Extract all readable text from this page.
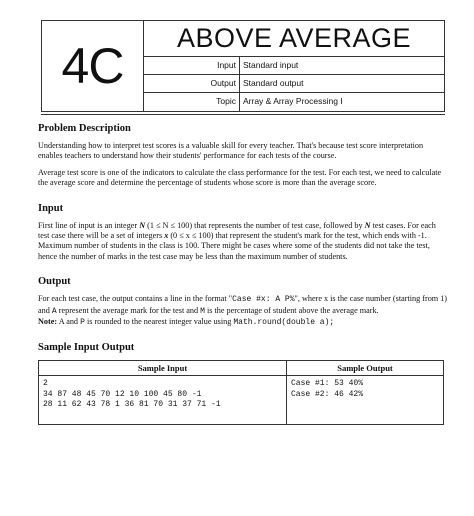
4C	ABOVE AVERAGE
Input Standard input
Output Standard output
Topic Array & Array Processing I
Problem Description

Understanding how to interpret test scores is a valuable skill for every teacher. That's because test score interpretation enables teachers to understand how their students' performance for each tests of the course.

Average test score is one of the indicators to calculate the class performance for the test. For each test, we need to calculate the average score and determine the percentage of students whose score is more than the average score.

Input

First line of input is an integer N (1 ≤ N ≤ 100) that represents the number of test case, followed by N test cases. For each test case there will be a set of integers x (0 ≤ x ≤ 100) that represent the student's mark for the test, which ends with -1. Maximum number of students in the class is 100. There might be cases where some of the students did not take the test, hence the number of marks in the test case may be less than the maximum number of students.

Output

For each test case, the output contains a line in the format "Case #x: A P%", where x is the case number (starting from 1) and A represent the average mark for the test and M is the percentage of student above the average mark.
Note: A and P is rounded to the nearest integer value using Math.round(double a);

Sample Input Output
Sample Input	Sample Output
2
34 87 48 45 70 12 10 100 45 80 -1
28 11 62 43 78 1 36 81 70 31 37 71 -1	Case #1: 53 40%
Case #2: 46 42%
